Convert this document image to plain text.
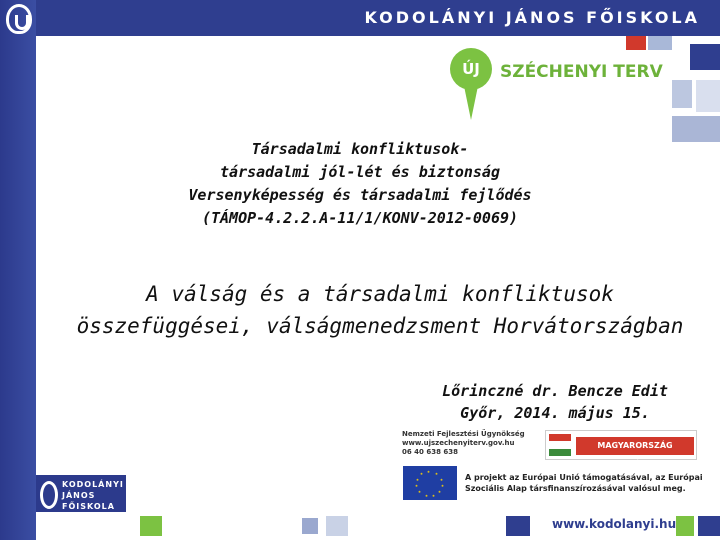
KODOLÁNYI JÁNOS FŐISKOLA
ÚJ	SZÉCHENYI TERV
Társadalmi konfliktusok-
társadalmi jól-lét és biztonság
Versenyképesség és társadalmi fejlődés
(TÁMOP-4.2.2.A-11/1/KONV-2012-0069)
A válság és a társadalmi konfliktusok
összefüggései, válságmenedzsment Horvátországban
Lőrinczné dr. Bencze Edit
Győr, 2014. május 15.
Nemzeti Fejlesztési Ügynökség
www.ujszechenyiterv.gov.hu
06 40 638 638
MAGYARORSZÁG MEGÚJUL
★ ★
★
★
★
★
★
★
★
★
★	A projekt az Európai Unió támogatásával, az Európai Szociális Alap társfinanszírozásával valósul meg.
KODOLÁNYI
JÁNOS
FŐISKOLA
www.kodolanyi.hu
